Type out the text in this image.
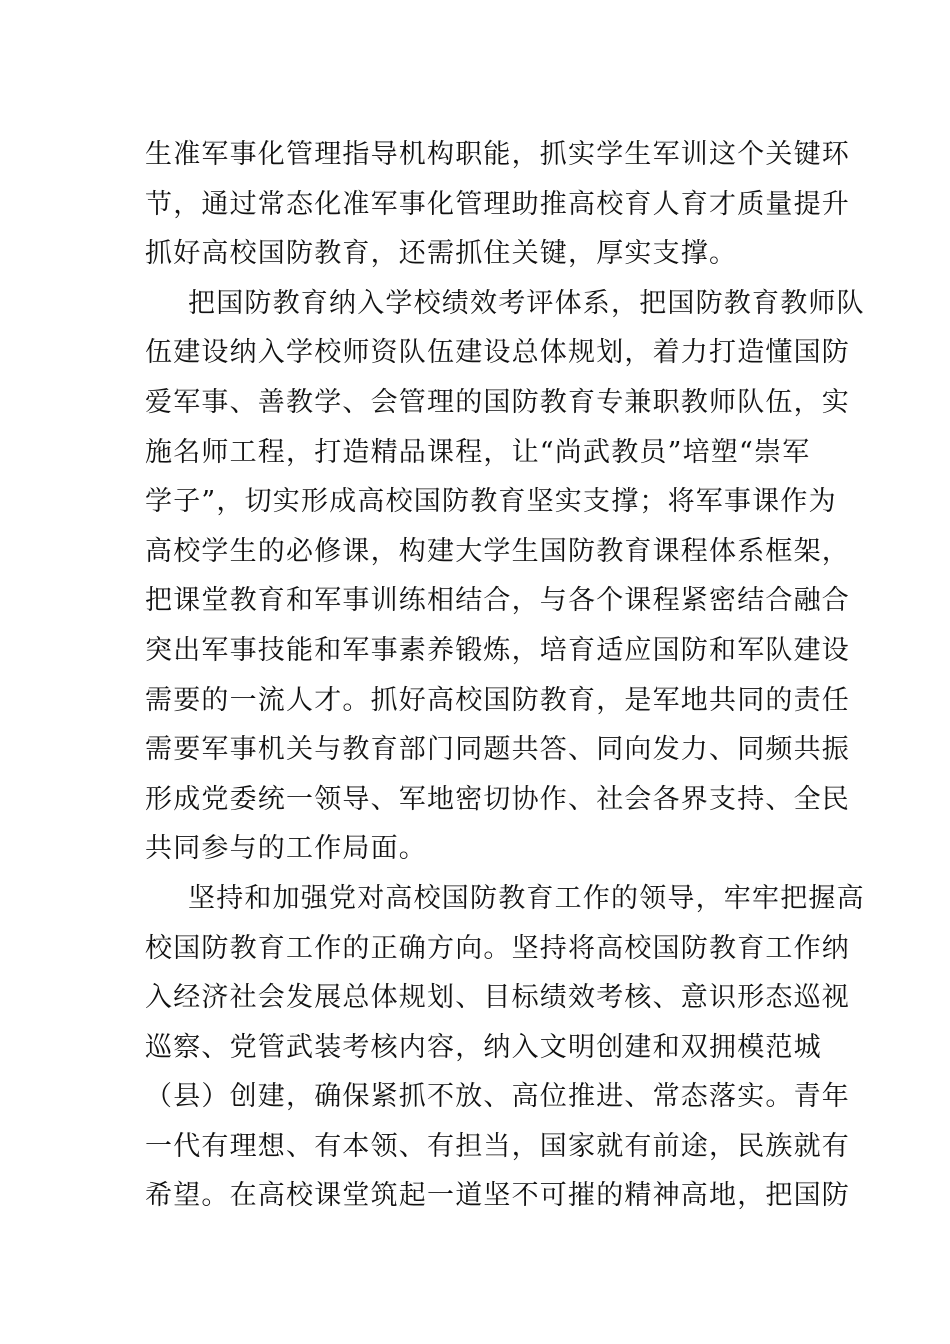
生准军事化管理指导机构职能，抓实学生军训这个关键环
节，通过常态化准军事化管理助推高校育人育才质量提升
抓好高校国防教育，还需抓住关键，厚实支撑。
把国防教育纳入学校绩效考评体系，把国防教育教师队
伍建设纳入学校师资队伍建设总体规划，着力打造懂国防
爱军事、善教学、会管理的国防教育专兼职教师队伍，实
施名师工程，打造精品课程，让“尚武教员”培塑“崇军
学子”，切实形成高校国防教育坚实支撑；将军事课作为
高校学生的必修课，构建大学生国防教育课程体系框架，
把课堂教育和军事训练相结合，与各个课程紧密结合融合
突出军事技能和军事素养锻炼，培育适应国防和军队建设
需要的一流人才。抓好高校国防教育，是军地共同的责任
需要军事机关与教育部门同题共答、同向发力、同频共振
形成党委统一领导、军地密切协作、社会各界支持、全民
共同参与的工作局面。
坚持和加强党对高校国防教育工作的领导，牢牢把握高
校国防教育工作的正确方向。坚持将高校国防教育工作纳
入经济社会发展总体规划、目标绩效考核、意识形态巡视
巡察、党管武装考核内容，纳入文明创建和双拥模范城
（县）创建，确保紧抓不放、高位推进、常态落实。青年
一代有理想、有本领、有担当，国家就有前途，民族就有
希望。在高校课堂筑起一道坚不可摧的精神高地，把国防
